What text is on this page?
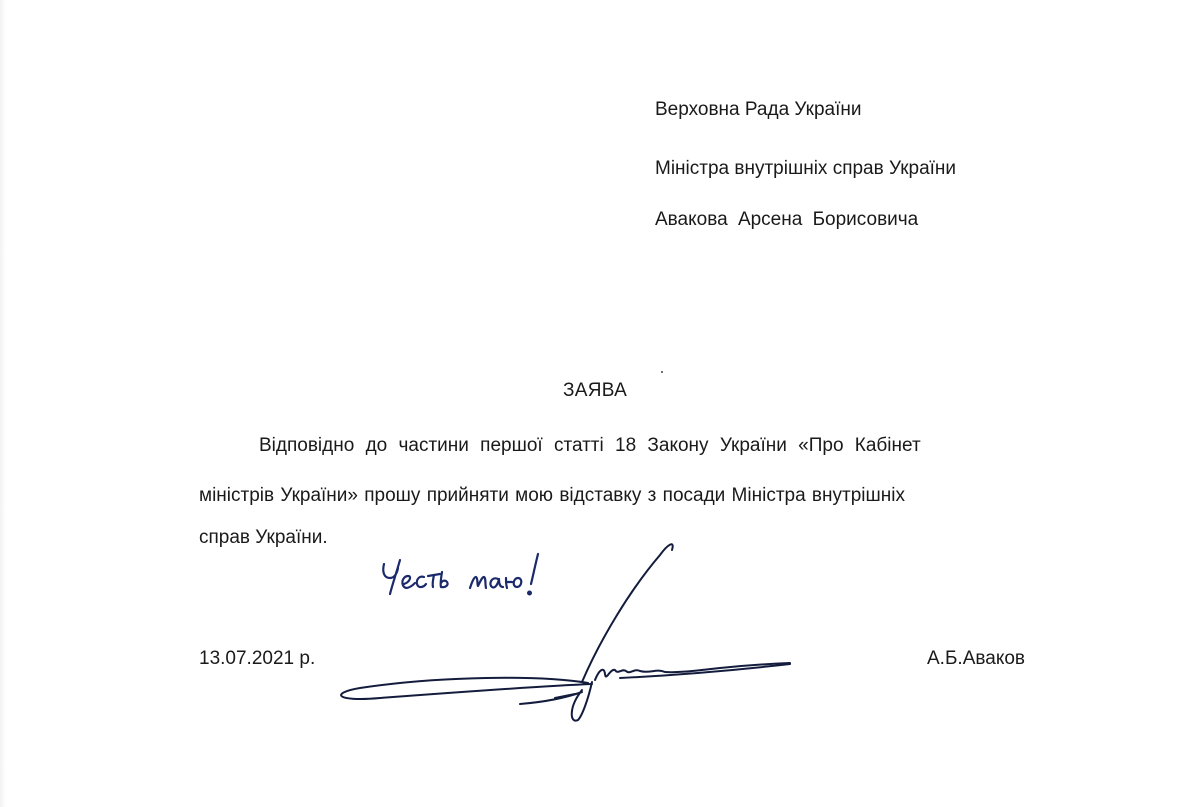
Верховна Рада України
Міністра внутрішніх справ України
Авакова Арсена Борисовича
ЗАЯВА
Відповідно до частини першої статті 18 Закону України «Про Кабінет
міністрів України» прошу прийняти мою відставку з посади Міністра внутрішніх
справ України.
13.07.2021 р.	А.Б.Аваков
